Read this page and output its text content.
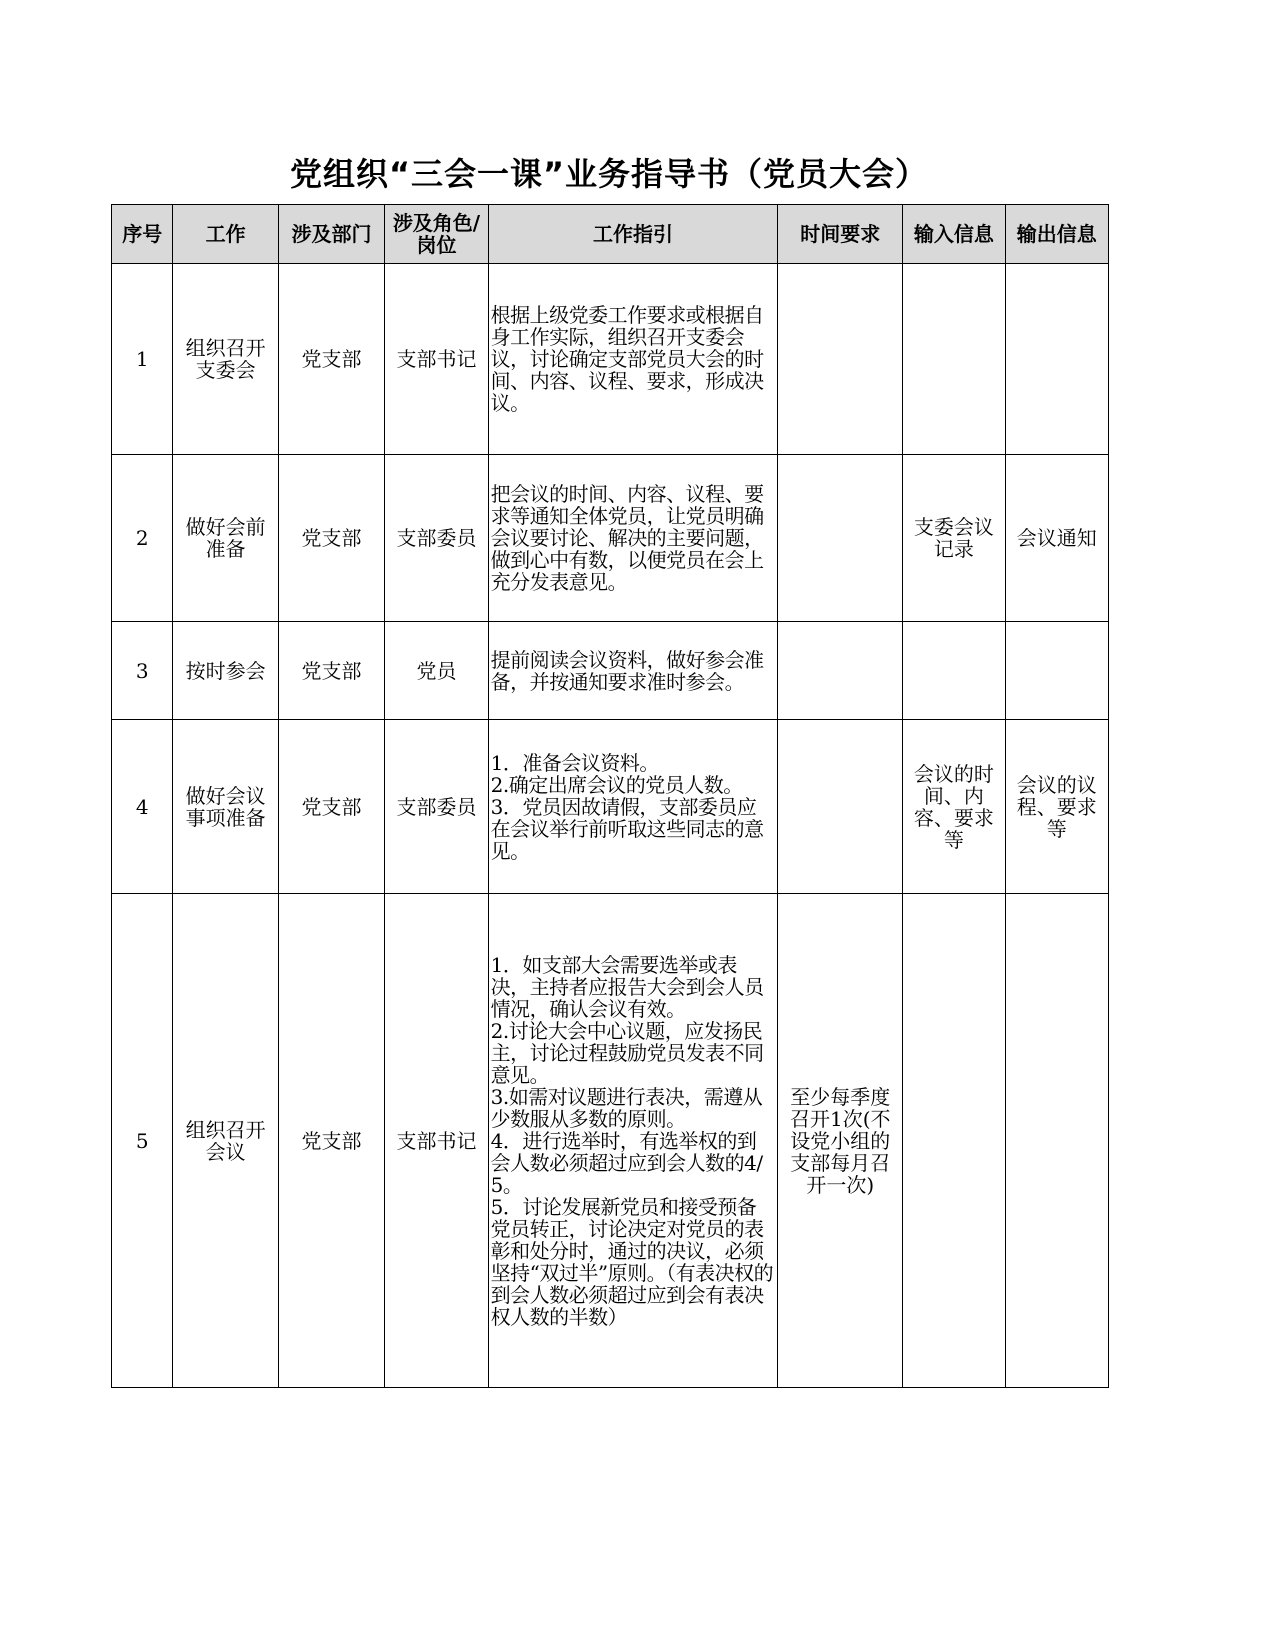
党组织“三会一课”业务指导书（党员大会）
序号	工作	涉及部门	涉及角色/岗位	工作指引	时间要求	输入信息	输出信息
1	组织召开支委会	党支部	支部书记	根据上级党委工作要求或根据自身工作实际，组织召开支委会议，讨论确定支部党员大会的时间、内容、议程、要求，形成决议。			

2	做好会前准备	党支部	支部委员	把会议的时间、内容、议程、要求等通知全体党员，让党员明确会议要讨论、解决的主要问题，做到心中有数，以便党员在会上充分发表意见。		支委会议记录	会议通知

3	按时参会	党支部	党员	提前阅读会议资料，做好参会准备，并按通知要求准时参会。			

4	做好会议事项准备	党支部	支部委员	1．准备会议资料。
2.确定出席会议的党员人数。
3．党员因故请假，支部委员应在会议举行前听取这些同志的意见。		会议的时间、内容、要求等	会议的议程、要求等

5	组织召开会议	党支部	支部书记	1．如支部大会需要选举或表决，主持者应报告大会到会人员情况，确认会议有效。
2.讨论大会中心议题，应发扬民主，讨论过程鼓励党员发表不同意见。
3.如需对议题进行表决，需遵从少数服从多数的原则。
4．进行选举时，有选举权的到会人数必须超过应到会人数的4/5。
5．讨论发展新党员和接受预备党员转正，讨论决定对党员的表彰和处分时，通过的决议，必须坚持“双过半”原则。（有表决权的到会人数必须超过应到会有表决权人数的半数）	至少每季度召开1次(不设党小组的支部每月召开一次)		
